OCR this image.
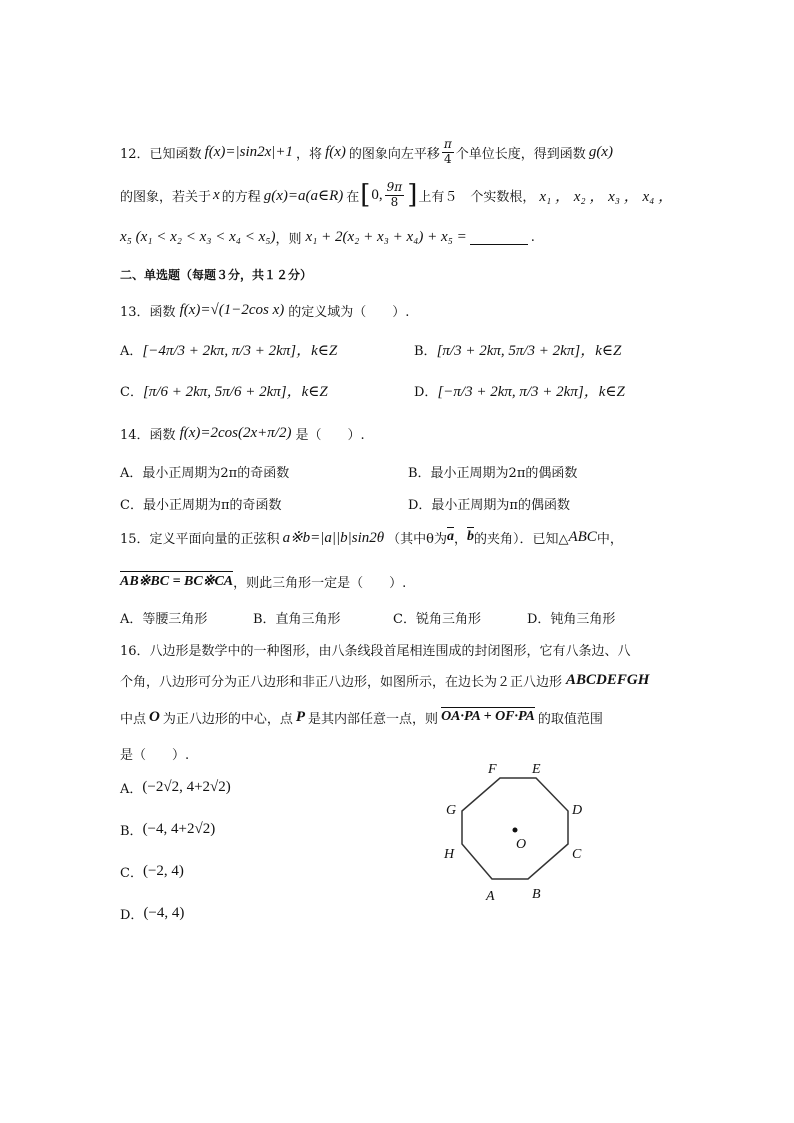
12． 已知函数 f(x)=|sin2x|+1 ，将 f(x) 的图象向左平移 $\frac{\pi}{4}$ 个单位长度，得到函数 g(x)
的图象，若关于 x 的方程 g(x)=a(a∈R) 在 [ 0, $\frac{9\pi}{8}$ ] 上有５　个实数根， x₁ ， x₂ ， x₃ ， x₄ ，
x₅ (x₁ < x₂ < x₃ < x₄ < x₅) ，则 x₁ + 2(x₂ + x₃ + x₄) + x₅ =	.
二、单选题（每题３分，共１２分）
13． 函数 f(x)=√(1−2cos x) 的定义域为（　　）.
A． [−4π/3 + 2kπ, π/3 + 2kπ]，k∈Z	B． [π/3 + 2kπ, 5π/3 + 2kπ]，k∈Z
C． [π/6 + 2kπ, 5π/6 + 2kπ]，k∈Z	D． [−π/3 + 2kπ, π/3 + 2kπ]，k∈Z
14． 函数 f(x)=2cos(2x+π/2) 是（　　）.
A．最小正周期为2π的奇函数	B．最小正周期为2π的偶函数
C．最小正周期为π的奇函数	D．最小正周期为π的偶函数
15． 定义平面向量的正弦积 a※b=|a||b|sin2θ （其中θ为 a ， b 的夹角）．已知△ ABC 中，
AB※BC = BC※CA ，则此三角形一定是（　　）.
A．等腰三角形	B．直角三角形	C．锐角三角形	D．钝角三角形
16． 八边形是数学中的一种图形，由八条线段首尾相连围成的封闭图形，它有八条边、八
个角，八边形可分为正八边形和非正八边形，如图所示，在边长为２正八边形 ABCDEFGH
中点 O 为正八边形的中心，点 P 是其内部任意一点，则 OA·PA + OF·PA 的取值范围
是（　　）.
A． (−2√2, 4+2√2)
B． (−4, 4+2√2)
C． (−2, 4)
D． (−4, 4)
A	B
C
D
E
F
G
H
O
